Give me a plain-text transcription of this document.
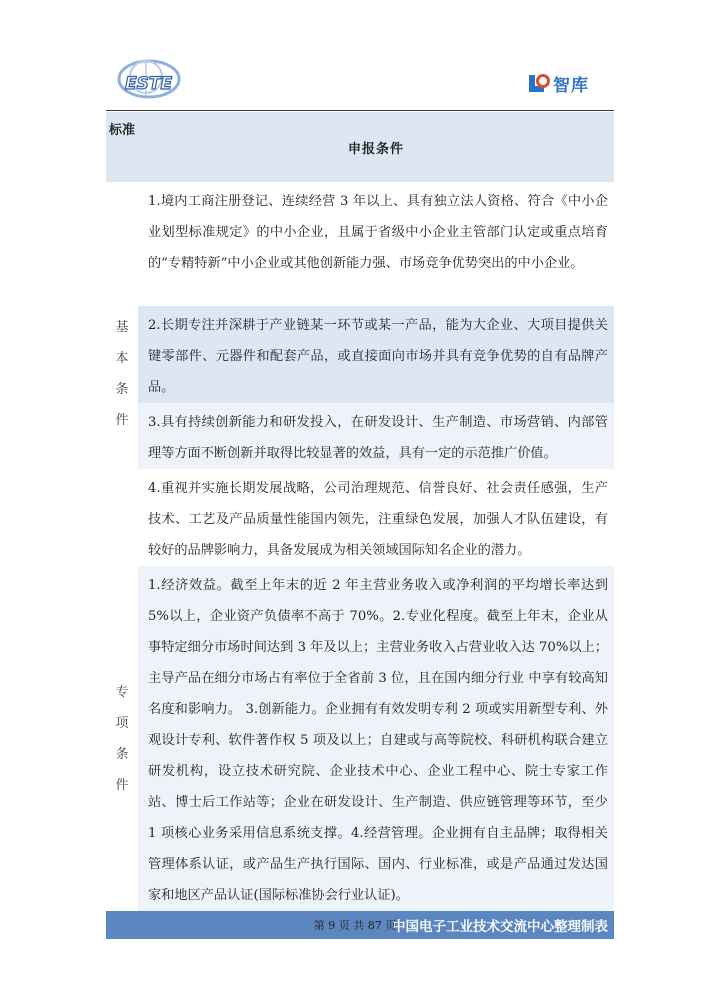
ESTE	智库
标准	申报条件
基本条件	1.境内工商注册登记、连续经营 3 年以上、具有独立法人资格、符合《中小企业划型标准规定》的中小企业，且属于省级中小企业主管部门认定或重点培育的“专精特新”中小企业或其他创新能力强、市场竞争优势突出的中小企业。
	2.长期专注并深耕于产业链某一环节或某一产品，能为大企业、大项目提供关键零部件、元器件和配套产品，或直接面向市场并具有竞争优势的自有品牌产品。
	3.具有持续创新能力和研发投入，在研发设计、生产制造、市场营销、内部管理等方面不断创新并取得比较显著的效益，具有一定的示范推广价值。
	4.重视并实施长期发展战略，公司治理规范、信誉良好、社会责任感强，生产技术、工艺及产品质量性能国内领先，注重绿色发展，加强人才队伍建设，有较好的品牌影响力，具备发展成为相关领域国际知名企业的潜力。
专项条件	1.经济效益。截至上年末的近 2 年主营业务收入或净利润的平均增长率达到 5%以上，企业资产负债率不高于 70%。2.专业化程度。截至上年末，企业从事特定细分市场时间达到 3 年及以上；主营业务收入占营业收入达 70%以上；主导产品在细分市场占有率位于全省前 3 位，且在国内细分行业 中享有较高知名度和影响力。 3.创新能力。企业拥有有效发明专利 2 项或实用新型专利、外观设计专利、软件著作权 5 项及以上；自建或与高等院校、科研机构联合建立研发机构，设立技术研究院、企业技术中心、企业工程中心、院士专家工作站、博士后工作站等；企业在研发设计、生产制造、供应链管理等环节，至少 1 项核心业务采用信息系统支撑。4.经营管理。企业拥有自主品牌；取得相关管理体系认证，或产品生产执行国际、国内、行业标准，或是产品通过发达国家和地区产品认证(国际标准协会行业认证)。
中国电子工业技术交流中心整理制表	
第 9 页 共 87 页
